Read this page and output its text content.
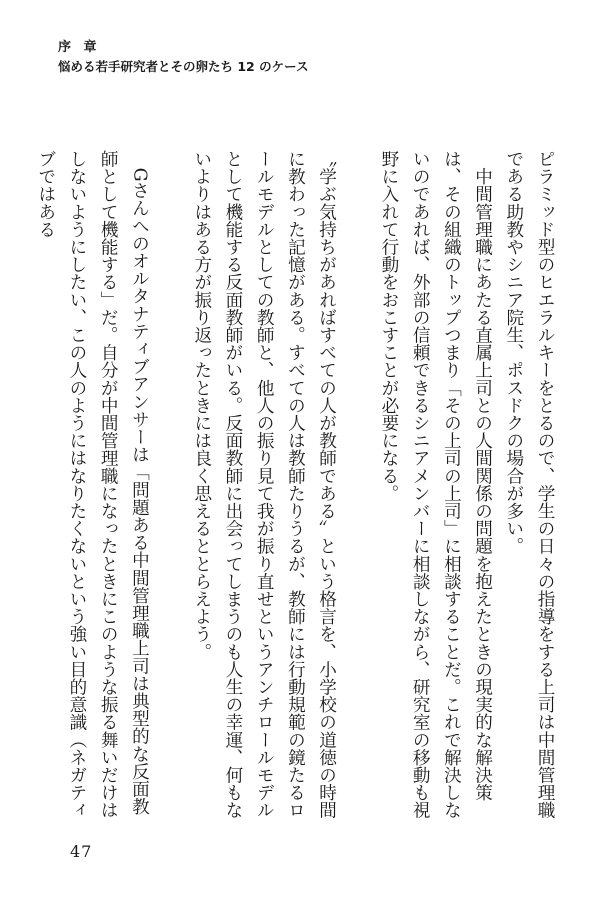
序 章

悩める若手研究者とその卵たち 12 のケース

ピラミッド型のヒエラルキーをとるので、学生の日々の指導をする上司は中間管理職である助教やシニア院生、ポスドクの場合が多い。

　中間管理職にあたる直属上司との人間関係の問題を抱えたときの現実的な解決策は、その組織のトップつまり「その上司の上司」に相談することだ。これで解決しないのであれば、外部の信頼できるシニアメンバーに相談しながら、研究室の移動も視野に入れて行動をおこすことが必要になる。

〝学ぶ気持ちがあればすべての人が教師である〟という格言を、小学校の道徳の時間に教わった記憶がある。すべての人は教師たりうるが、教師には行動規範の鏡たるロールモデルとしての教師と、他人の振り見て我が振り直せというアンチロールモデルとして機能する反面教師がいる。反面教師に出会ってしまうのも人生の幸運、何もないよりはある方が振り返ったときには良く思えるととらえよう。

　Gさんへのオルタナティブアンサーは「問題ある中間管理職上司は典型的な反面教師として機能する」だ。自分が中間管理職になったときにこのような振る舞いだけはしないようにしたい、この人のようにはなりたくないという強い目的意識（ネガティブではある

47
